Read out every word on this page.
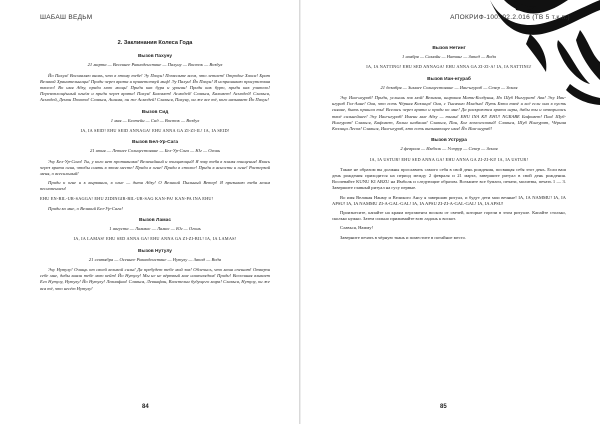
ШАБАШ ВЕДЬМ
2. Заклинания Колеса Года
Вызов Пахуну
21 марта — Весеннее Равноденствие — Пахуну — Восток — Воздух
Йо Пахун! Восхваляю вновь, что в этому тебе! Эу Пахун! Позвольте всем, что летает! Отродье Хаоса! Брат Великой Хранительницы! Приди через врата и приветствуй миф! Эу Пахун! Йо Пахун! Я испрашиваю присутствия твоего! Во имя Абзу, приди мою мощь! Приди как буря и ураган! Приди как бурю, приди как учитель! Перевоплощённый огнём и приди через врата! Пахун! Бахомет! Асмодей! Славься, Бахомет! Асмодей! Славься, Асмодей, Демон Похоти! Славься, Ашима, он же Асмодей! Славься, Пахуну, он же все тё, кого называет Йо Пахун!
Вызов Сид
1 мая — Белтейн — Сид — Восток — Воздух
IA, IA SEID! EHU SEID ANNAGA! EHU ANNA GA ZI-ZI-IL! IA, IA SEID!
Вызов Бел-Ур-Сага
21 июня — Летнее Солнцестояние — Бел-Ур-Сага — Юг — Огонь
Эху Бел-Ур-Сага! Ты, у кого нет противника! Величайший и очищающий! Я зову тебя в пламя очищения! Явись через врата огня, чтобы сиять в этом месте! Приди в огне! Приди в столпе! Приди в ясности и огне! Растерзай меня, о всесильный!
Приди к огне и к вырвании, в огне — дитя Абзу! О Великий Пыльный Ветер! Я призываю тебя моим песнопением!
EHU EN-BIL-UR-SAGGA! EHU ZIDINGIR-BIL-UR-SAG KAN-PA! KAN-PA INA EHU!
Приди ко мне, о Великий Бел-Ур-Сага!
Вызов Ламас
1 августа — Ламмас — Ламас — Юг — Огонь
IA, IA LAMAS! EHU SED ANNA GA! EHU ANNA GA ZI-ZI-BIL! IA, IA LAMAS!
Вызов Нутулу
21 сентября — Осеннее Равноденствие — Нутулу — Запад — Вода
Эху Нутулу! Очищь от своей великой силы! Да пребудет тебе мой зов! Облечись, что меня спешат! Отверзи себе мне, дабы вняли тебе мою кейт! Йо Нутулу! Мы не не вёртвый мне иливзглядом! Приди! Вселенная вливает Его Нутулу, Нутулу! Йо Нутулу! Левиафан! Славься, Левиафан, Властелин будущего мира! Славься, Нутулу, он же вся тё, что несёт Нутулу!
84
АПОКРИФ-100: 02.2.016 (ТВ 5 т.к.п.)
Вызов Нетинг
1 ноября — Самайн — Натинг — Запад — Вода
IA, IA NATTING! EHU SED ANNAGA! EHU ANNA GA ZI-ZI-A! IA, IA NATTING!
Вызов Иан-нгураб
21 декабря — Зимнее Солнцестояние — Иан-нгураб — Север — Земля
Эху Иан-нгураб! Приди, услышь зов мой! Великая, широкая Мать-Колдунья, Ио Шуб Ниггурат! Ава! Эху Иан-нгураб Гол-Анне! Она, что есть Чёрная Козлица! Она, с Тысячью Младых! Путь Бэти твоё и всё если она в пусть сияние, быть пришла ты! Вселись через врата и приди ко мне! Да раскроются врата игры, дабы ты и отворилась твоё сильнейшее! Эху Иан-нгураб! Имени мне Абзу — тьмы! EHU INA KI! EHU! NGRABE Бафомет! Пан! Шуб-Ниггурат! Славься, Бафомет, Болин шабаша! Славься, Пан, Бог козлоголовий! Славься, Шуб Ниггурат, Чёрная Козлица Лесов! Славься, Иан-нгураб, кто есть вызывающее имя! Йо Иан-нгураб!
Вызов Уструра
2 февраля — Имболк — Уструр — Север — Земля
IA, IA USTUR! EHU SED ANNA GA! EHU ANNA GA ZI-ZI-KI! IA, IA USTUR!
Также не образом вы должны прославить самого себя в свой день рождения, посвящая себя этот день. Если ваш день рождения приходится на период между 2 февраля и 21 марта, завершите ритуал в свой день рождения. Воспевайте KUNU KI ABZU на Имболк и следующие образом. Возьмите все бумаги, печати, молитвы, печать 1 — 3. Завершите главный ритуал на гусу первые.
Во имя Великая Нанму и Великого Ансу я завершаю ритуал, и будут дети мои вечные! IA, IA NAMMU! IA, IA APSU! IA, IA NAMMU ZI-A-GAL-GAL! IA, IA APSU ZI-ZI-A-GAL-GAL! IA, IA APSU!
Произнесите, капайте на краям пергамента воском от свечей, которые горели в этом ритуале. Капайте столько, сколько нужно. Затем сильно прижимайте всю ладонь к воскот.
Славься, Намму!
Заверните печать в чёрную ткань и поместите в потайное место.
85
